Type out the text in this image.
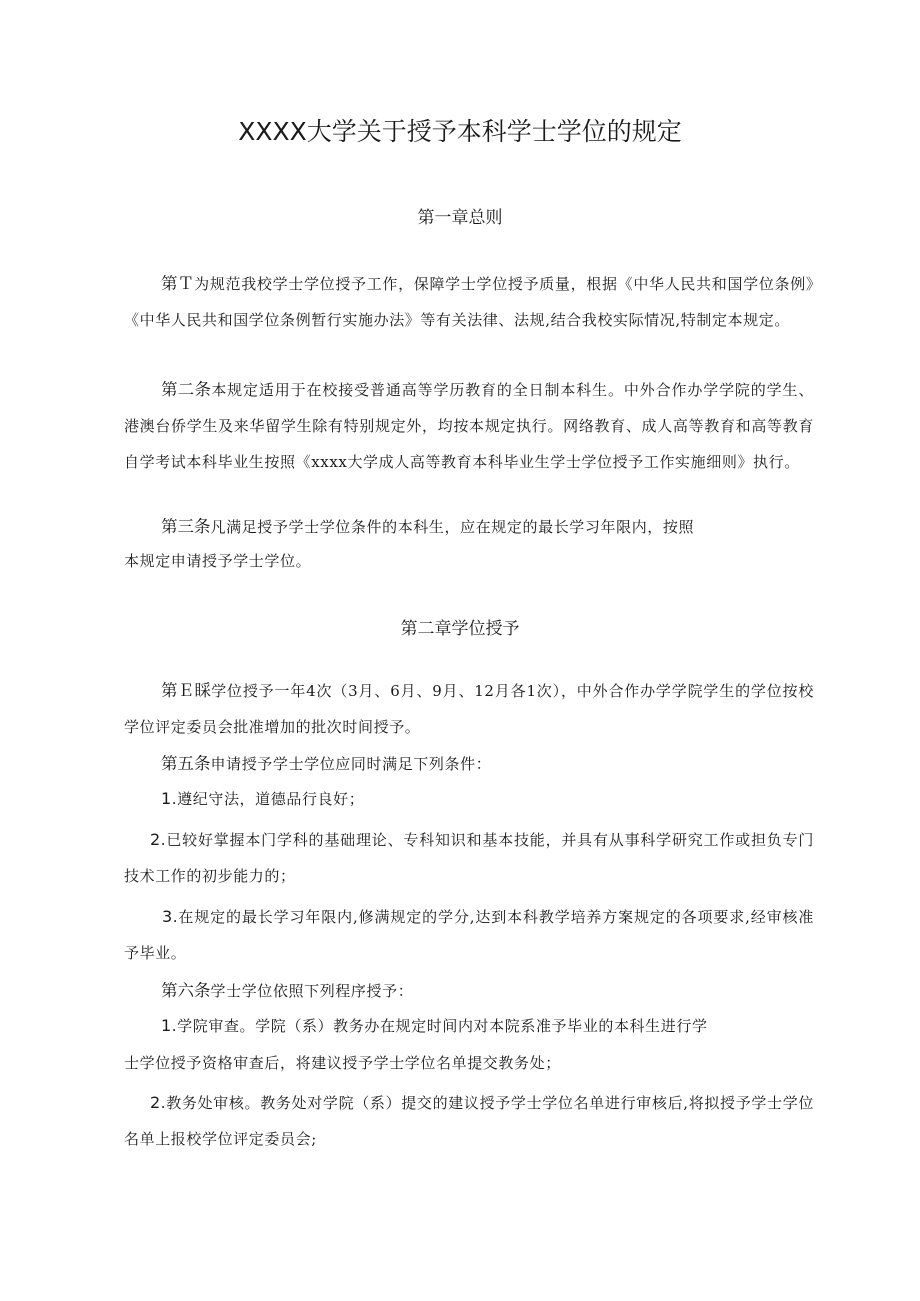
XXXX大学关于授予本科学士学位的规定
第一章总则
第Ｔ为规范我校学士学位授予工作，保障学士学位授予质量，根据《中华人民共和国学位条例》《中华人民共和国学位条例暂行实施办法》等有关法律、法规,结合我校实际情况,特制定本规定。
第二条本规定适用于在校接受普通高等学历教育的全日制本科生。中外合作办学学院的学生、港澳台侨学生及来华留学生除有特别规定外，均按本规定执行。网络教育、成人高等教育和高等教育自学考试本科毕业生按照《xxxx大学成人高等教育本科毕业生学士学位授予工作实施细则》执行。
第三条凡满足授予学士学位条件的本科生，应在规定的最长学习年限内，按照
本规定申请授予学士学位。
第二章学位授予
第Ｅ睬学位授予一年4次（3月、6月、9月、12月各1次），中外合作办学学院学生的学位按校学位评定委员会批准增加的批次时间授予。
第五条申请授予学士学位应同时满足下列条件：
1.遵纪守法，道德品行良好；
2.已较好掌握本门学科的基础理论、专科知识和基本技能，并具有从事科学研究工作或担负专门技术工作的初步能力的；
3.在规定的最长学习年限内,修满规定的学分,达到本科教学培养方案规定的各项要求,经审核准予毕业。
第六条学士学位依照下列程序授予：
1.学院审查。学院（系）教务办在规定时间内对本院系准予毕业的本科生进行学
士学位授予资格审查后，将建议授予学士学位名单提交教务处；
2.教务处审核。教务处对学院（系）提交的建议授予学士学位名单进行审核后,将拟授予学士学位名单上报校学位评定委员会;
